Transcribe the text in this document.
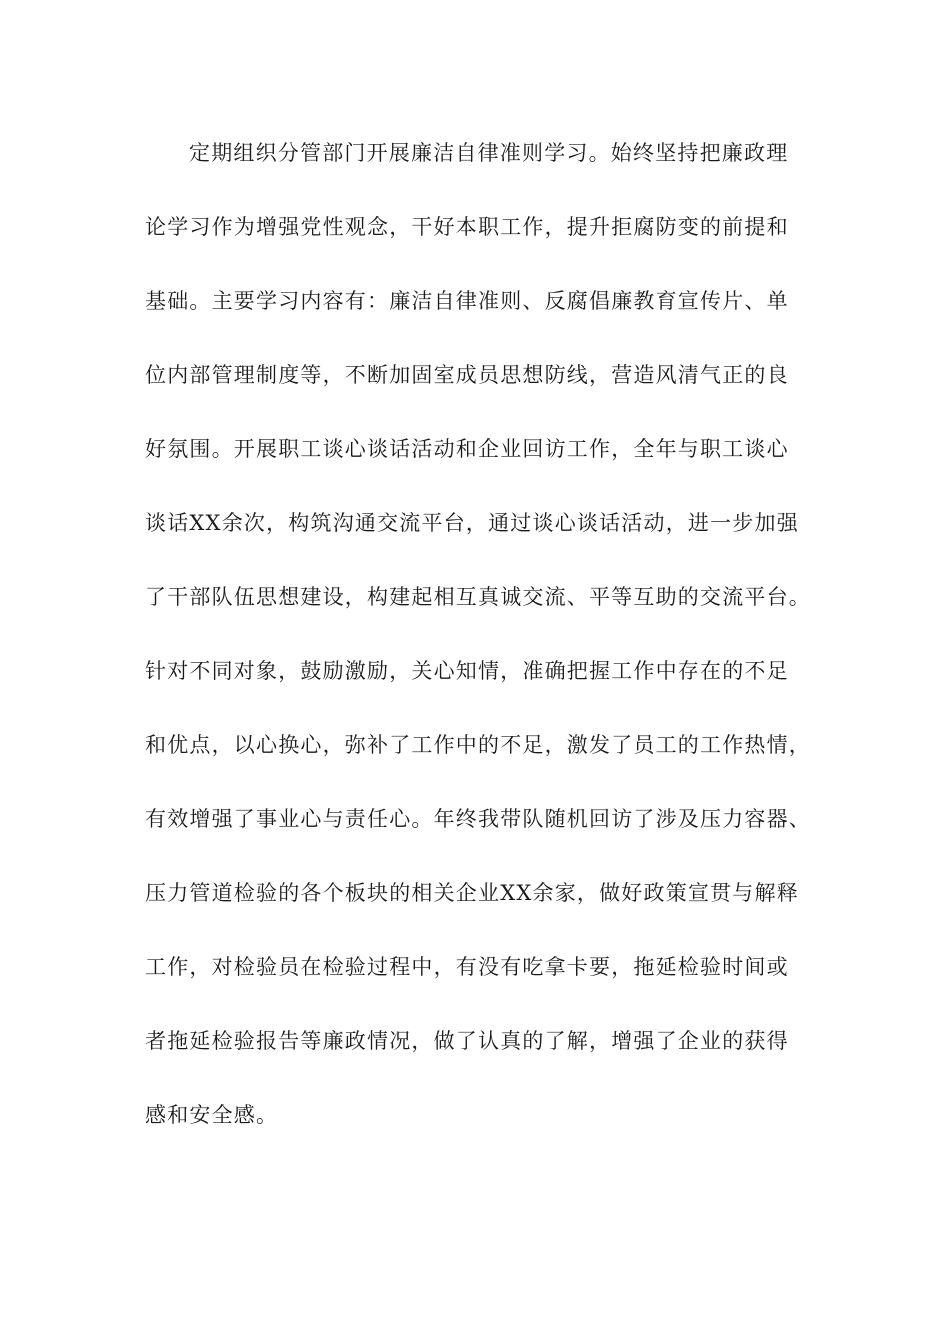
定期组织分管部门开展廉洁自律准则学习。始终坚持把廉政理
论学习作为增强党性观念，干好本职工作，提升拒腐防变的前提和
基础。主要学习内容有：廉洁自律准则、反腐倡廉教育宣传片、单
位内部管理制度等，不断加固室成员思想防线，营造风清气正的良
好氛围。开展职工谈心谈话活动和企业回访工作，全年与职工谈心
谈话XX余次，构筑沟通交流平台，通过谈心谈话活动，进一步加强
了干部队伍思想建设，构建起相互真诚交流、平等互助的交流平台。
针对不同对象，鼓励激励，关心知情，准确把握工作中存在的不足
和优点，以心换心，弥补了工作中的不足，激发了员工的工作热情，
有效增强了事业心与责任心。年终我带队随机回访了涉及压力容器、
压力管道检验的各个板块的相关企业XX余家，做好政策宣贯与解释
工作，对检验员在检验过程中，有没有吃拿卡要，拖延检验时间或
者拖延检验报告等廉政情况，做了认真的了解，增强了企业的获得
感和安全感。
